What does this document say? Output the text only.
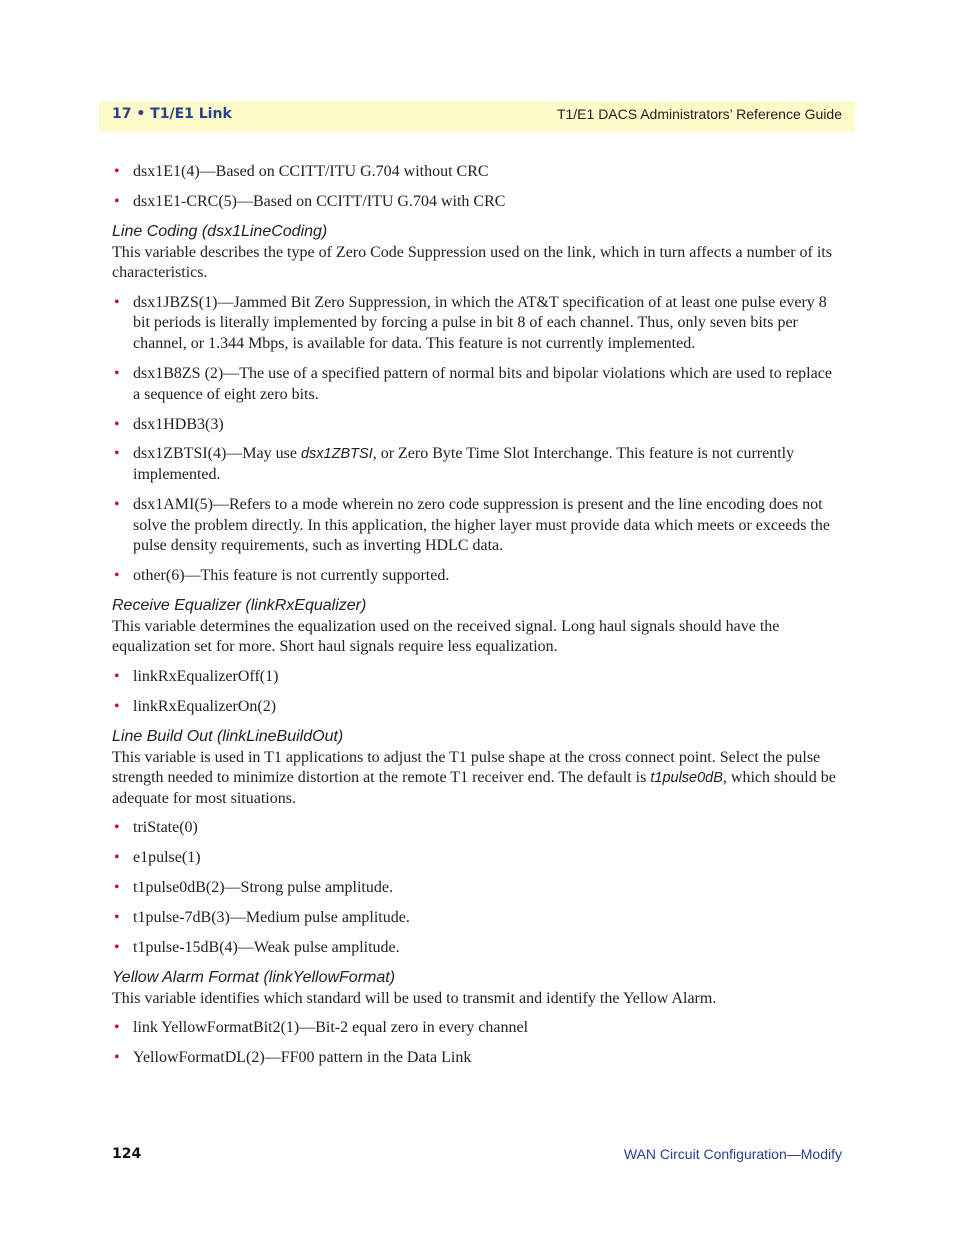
17 • T1/E1 Link	T1/E1 DACS Administrators’ Reference Guide
• dsx1E1(4)—Based on CCITT/ITU G.704 without CRC
• dsx1E1-CRC(5)—Based on CCITT/ITU G.704 with CRC
Line Coding (dsx1LineCoding)

This variable describes the type of Zero Code Suppression used on the link, which in turn affects a number of its characteristics.

• dsx1JBZS(1)—Jammed Bit Zero Suppression, in which the AT&T specification of at least one pulse every 8 bit periods is literally implemented by forcing a pulse in bit 8 of each channel. Thus, only seven bits per channel, or 1.344 Mbps, is available for data. This feature is not currently implemented.
• dsx1B8ZS (2)—The use of a specified pattern of normal bits and bipolar violations which are used to replace a sequence of eight zero bits.
• dsx1HDB3(3)
• dsx1ZBTSI(4)—May use dsx1ZBTSI, or Zero Byte Time Slot Interchange. This feature is not currently implemented.
• dsx1AMI(5)—Refers to a mode wherein no zero code suppression is present and the line encoding does not solve the problem directly. In this application, the higher layer must provide data which meets or exceeds the pulse density requirements, such as inverting HDLC data.
• other(6)—This feature is not currently supported.
Receive Equalizer (linkRxEqualizer)

This variable determines the equalization used on the received signal. Long haul signals should have the equalization set for more. Short haul signals require less equalization.

• linkRxEqualizerOff(1)
• linkRxEqualizerOn(2)
Line Build Out (linkLineBuildOut)

This variable is used in T1 applications to adjust the T1 pulse shape at the cross connect point. Select the pulse strength needed to minimize distortion at the remote T1 receiver end. The default is t1pulse0dB, which should be adequate for most situations.

• triState(0)
• e1pulse(1)
• t1pulse0dB(2)—Strong pulse amplitude.
• t1pulse-7dB(3)—Medium pulse amplitude.
• t1pulse-15dB(4)—Weak pulse amplitude.
Yellow Alarm Format (linkYellowFormat)

This variable identifies which standard will be used to transmit and identify the Yellow Alarm.

• link YellowFormatBit2(1)—Bit-2 equal zero in every channel
• YellowFormatDL(2)—FF00 pattern in the Data Link
124	WAN Circuit Configuration—Modify
